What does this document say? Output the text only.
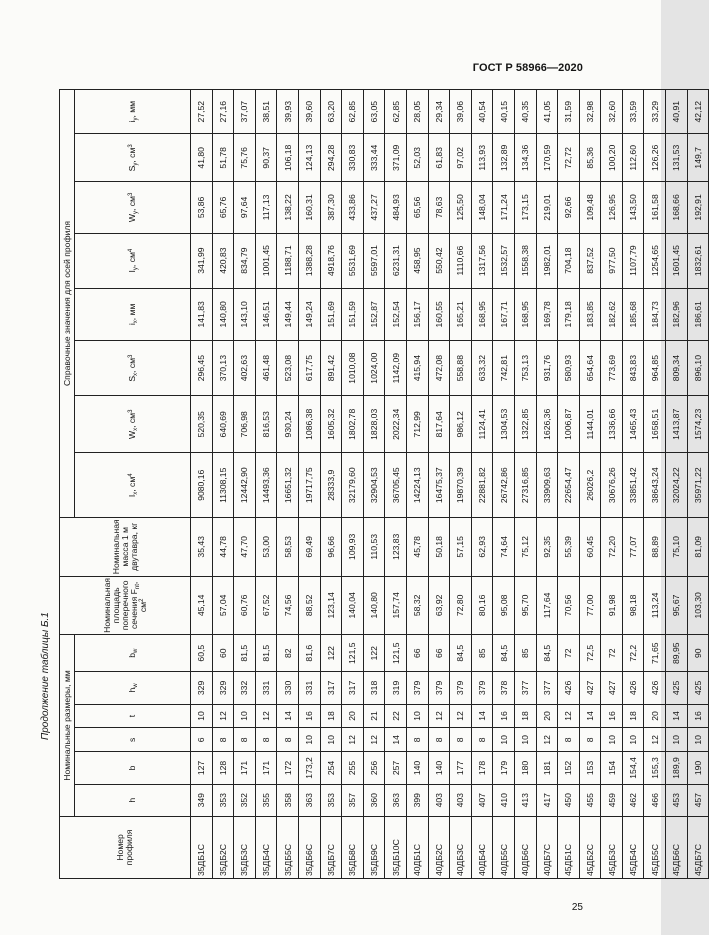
ГОСТ Р 58966—2020
Продолжение таблицы Б.1
Номер профиля	Номинальные размеры, мм						Номинальная площадь поперечного сечения $F_{nt}$, $см^2$	Номинальная масса 1 м двутавра, кг	Справочные значения для осей профиля							
	h	b	s	t	$h_w$	$b_w$			$I_x$, $см^4$	$W_x$, $см^3$	$S_x$, $см^3$	$i_x$, мм	$I_y$, $см^4$	$W_y$, $см^3$	$S_y$, $см^3$	$i_y$, мм
35ДБ1С	349	127	6	10	329	60,5	45,14	35,43	9080,16	520,35	296,45	141,83	341,99	53,86	41,80	27,52
35ДБ2С	353	128	8	12	329	60	57,04	44,78	11308,15	640,69	370,13	140,80	420,83	65,76	51,78	27,16
35ДБ3С	352	171	8	10	332	81,5	60,76	47,70	12442,90	706,98	402,63	143,10	834,79	97,64	75,76	37,07
35ДБ4С	355	171	8	12	331	81,5	67,52	53,00	14493,36	816,53	461,48	146,51	1001,45	117,13	90,37	38,51
35ДБ5С	358	172	8	14	330	82	74,56	58,53	16651,32	930,24	523,08	149,44	1188,71	138,22	106,18	39,93
35ДБ6С	363	173,2	10	16	331	81,6	88,52	69,49	19717,75	1086,38	617,75	149,24	1388,28	160,31	124,13	39,60
35ДБ7С	353	254	10	18	317	122	123,14	96,66	28333,9	1605,32	891,42	151,69	4918,76	387,30	294,28	63,20
35ДБ8С	357	255	12	20	317	121,5	140,04	109,93	32179,60	1802,78	1010,08	151,59	5531,69	433,86	330,83	62,85
35ДБ9С	360	256	12	21	318	122	140,80	110,53	32904,53	1828,03	1024,00	152,87	5597,01	437,27	333,44	63,05
35ДБ10С	363	257	14	22	319	121,5	157,74	123,83	36705,45	2022,34	1142,09	152,54	6231,31	484,93	371,09	62,85
40ДБ1С	399	140	8	10	379	66	58,32	45,78	14224,13	712,99	415,94	156,17	458,95	65,56	52,03	28,05
40ДБ2С	403	140	8	12	379	66	63,92	50,18	16475,37	817,64	472,08	160,55	550,42	78,63	61,83	29,34
40ДБ3С	403	177	8	12	379	84,5	72,80	57,15	19870,39	986,12	558,88	165,21	1110,66	125,50	97,02	39,06
40ДБ4С	407	178	8	14	379	85	80,16	62,93	22881,82	1124,41	633,32	168,95	1317,56	148,04	113,93	40,54
40ДБ5С	410	179	10	16	378	84,5	95,08	74,64	26742,86	1304,53	742,81	167,71	1532,57	171,24	132,89	40,15
40ДБ6С	413	180	10	18	377	85	95,70	75,12	27316,85	1322,85	753,13	168,95	1558,38	173,15	134,36	40,35
40ДБ7С	417	181	12	20	377	84,5	117,64	92,35	33909,63	1626,36	931,76	169,78	1982,01	219,01	170,59	41,05
45ДБ1С	450	152	8	12	426	72	70,56	55,39	22654,47	1006,87	580,93	179,18	704,18	92,66	72,72	31,59
45ДБ2С	455	153	8	14	427	72,5	77,00	60,45	26026,2	1144,01	654,64	183,85	837,52	109,48	85,36	32,98
45ДБ3С	459	154	10	16	427	72	91,98	72,20	30676,26	1336,66	773,69	182,62	977,50	126,95	100,20	32,60
45ДБ4С	462	154,4	10	18	426	72,2	98,18	77,07	33851,42	1465,43	843,83	185,68	1107,79	143,50	112,60	33,59
45ДБ5С	466	155,3	12	20	426	71,65	113,24	88,89	38643,24	1658,51	964,85	184,73	1254,65	161,58	126,26	33,29
45ДБ6С	453	189,9	10	14	425	89,95	95,67	75,10	32024,22	1413,87	809,34	182,96	1601,45	168,66	131,53	40,91
45ДБ7С	457	190	10	16	425	90	103,30	81,09	35971,22	1574,23	896,10	186,61	1832,61	192,91	149,7	42,12
25
